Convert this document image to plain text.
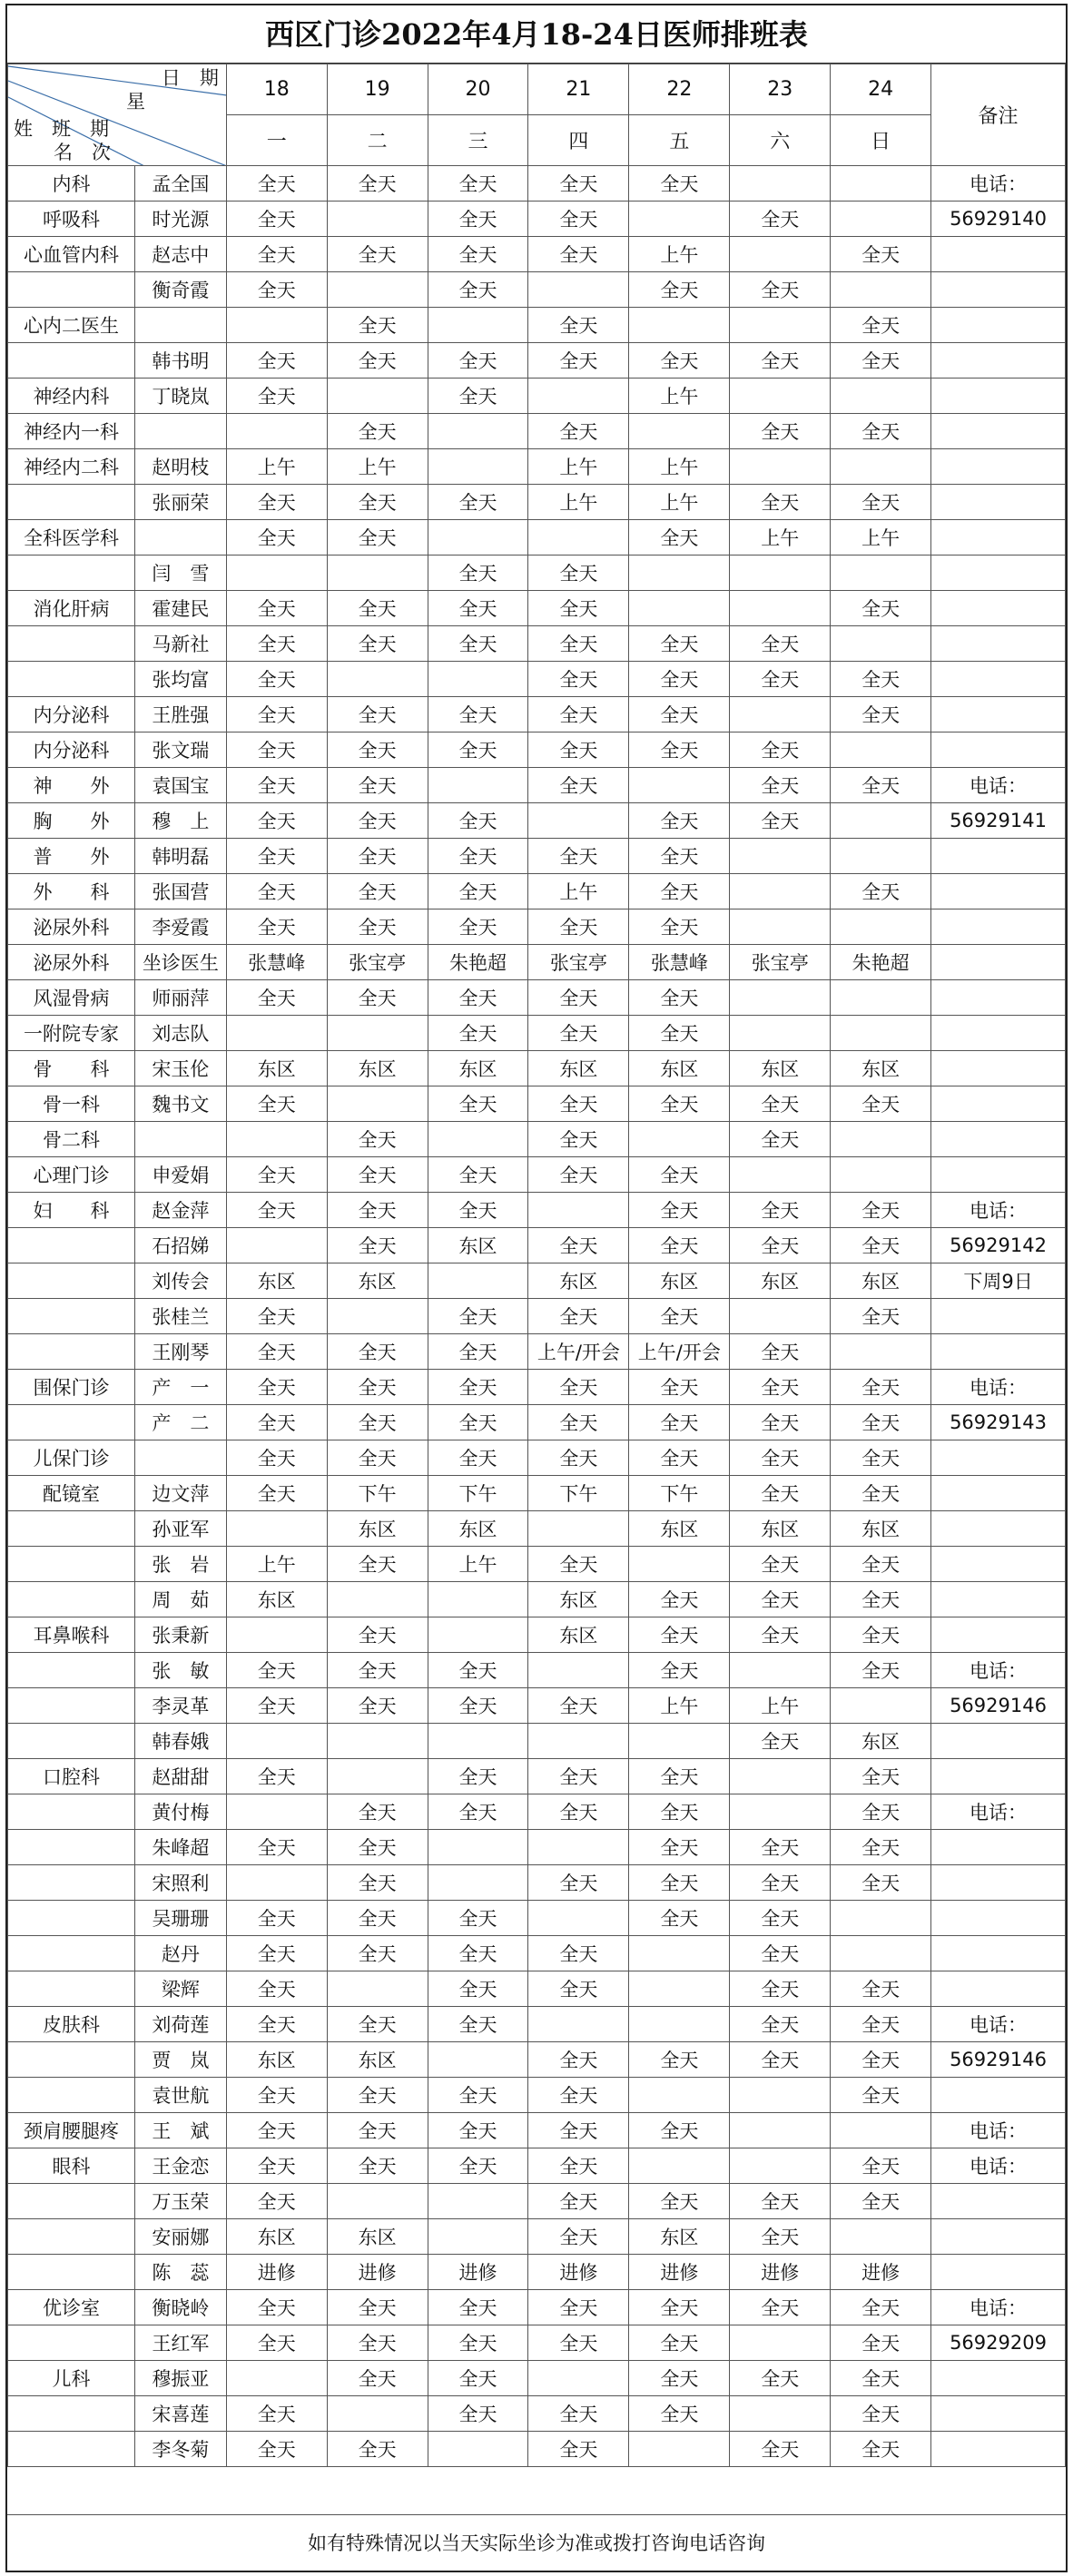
西区门诊2022年4月18-24日医师排班表
日　期
星
姓　班　期
名　次		18	19	20	21	22	23	24	备注
		一	二	三	四	五	六	日	
内科	孟全国	全天	全天	全天	全天	全天			电话：
呼吸科	时光源	全天		全天	全天		全天		56929140
心血管内科	赵志中	全天	全天	全天	全天	上午		全天	
	衡奇霞	全天		全天		全天	全天		
心内二医生			全天		全天			全天	
	韩书明	全天	全天	全天	全天	全天	全天	全天	
神经内科	丁晓岚	全天		全天		上午			
神经内一科			全天		全天		全天	全天	
神经内二科	赵明枝	上午	上午		上午	上午			
	张丽荣	全天	全天	全天	上午	上午	全天	全天	
全科医学科		全天	全天			全天	上午	上午	
	闫　雪			全天	全天				
消化肝病	霍建民	全天	全天	全天	全天			全天	
	马新社	全天	全天	全天	全天	全天	全天		
	张均富	全天			全天	全天	全天	全天	
内分泌科	王胜强	全天	全天	全天	全天	全天		全天	
内分泌科	张文瑞	全天	全天	全天	全天	全天	全天		
神　　外	袁国宝	全天	全天		全天		全天	全天	电话：
胸　　外	穆　上	全天	全天	全天		全天	全天		56929141
普　　外	韩明磊	全天	全天	全天	全天	全天			
外　　科	张国营	全天	全天	全天	上午	全天		全天	
泌尿外科	李爱霞	全天	全天	全天	全天	全天			
泌尿外科	坐诊医生	张慧峰	张宝亭	朱艳超	张宝亭	张慧峰	张宝亭	朱艳超	
风湿骨病	师丽萍	全天	全天	全天	全天	全天			
一附院专家	刘志队			全天	全天	全天			
骨　　科	宋玉伦	东区	东区	东区	东区	东区	东区	东区	
骨一科	魏书文	全天		全天	全天	全天	全天	全天	
骨二科			全天		全天		全天		
心理门诊	申爱娟	全天	全天	全天	全天	全天			
妇　　科	赵金萍	全天	全天	全天		全天	全天	全天	电话：
	石招娣		全天	东区	全天	全天	全天	全天	56929142
	刘传会	东区	东区		东区	东区	东区	东区	下周9日
	张桂兰	全天		全天	全天	全天		全天	
	王刚琴	全天	全天	全天	上午/开会	上午/开会	全天		
围保门诊	产　一	全天	全天	全天	全天	全天	全天	全天	电话：
	产　二	全天	全天	全天	全天	全天	全天	全天	56929143
儿保门诊		全天	全天	全天	全天	全天	全天	全天	
配镜室	边文萍	全天	下午	下午	下午	下午	全天	全天	
	孙亚军		东区	东区		东区	东区	东区	
	张　岩	上午	全天	上午	全天		全天	全天	
	周　茹	东区			东区	全天	全天	全天	
耳鼻喉科	张秉新		全天		东区	全天	全天	全天	
	张　敏	全天	全天	全天		全天		全天	电话：
	李灵革	全天	全天	全天	全天	上午	上午		56929146
	韩春娥						全天	东区	
口腔科	赵甜甜	全天		全天	全天	全天		全天	
	黄付梅		全天	全天	全天	全天		全天	电话：
	朱峰超	全天	全天			全天	全天	全天	
	宋照利		全天		全天	全天	全天	全天	
	吴珊珊	全天	全天	全天		全天	全天		
	赵丹	全天	全天	全天	全天		全天		
	梁辉	全天		全天	全天		全天	全天	
皮肤科	刘荷莲	全天	全天	全天			全天	全天	电话：
	贾　岚	东区	东区		全天	全天	全天	全天	56929146
	袁世航	全天	全天	全天	全天			全天	
颈肩腰腿疼	王　斌	全天	全天	全天	全天	全天			电话：
眼科	王金恋	全天	全天	全天	全天			全天	电话：
	万玉荣	全天			全天	全天	全天	全天	
	安丽娜	东区	东区		全天	东区	全天		
	陈　蕊	进修	进修	进修	进修	进修	进修	进修	
优诊室	衡晓岭	全天	全天	全天	全天	全天	全天	全天	电话：
	王红军	全天	全天	全天	全天	全天		全天	56929209
儿科	穆振亚		全天	全天		全天	全天	全天	
	宋喜莲	全天		全天	全天	全天		全天	
	李冬菊	全天	全天		全天		全天	全天	
如有特殊情况以当天实际坐诊为准或拨打咨询电话咨询
